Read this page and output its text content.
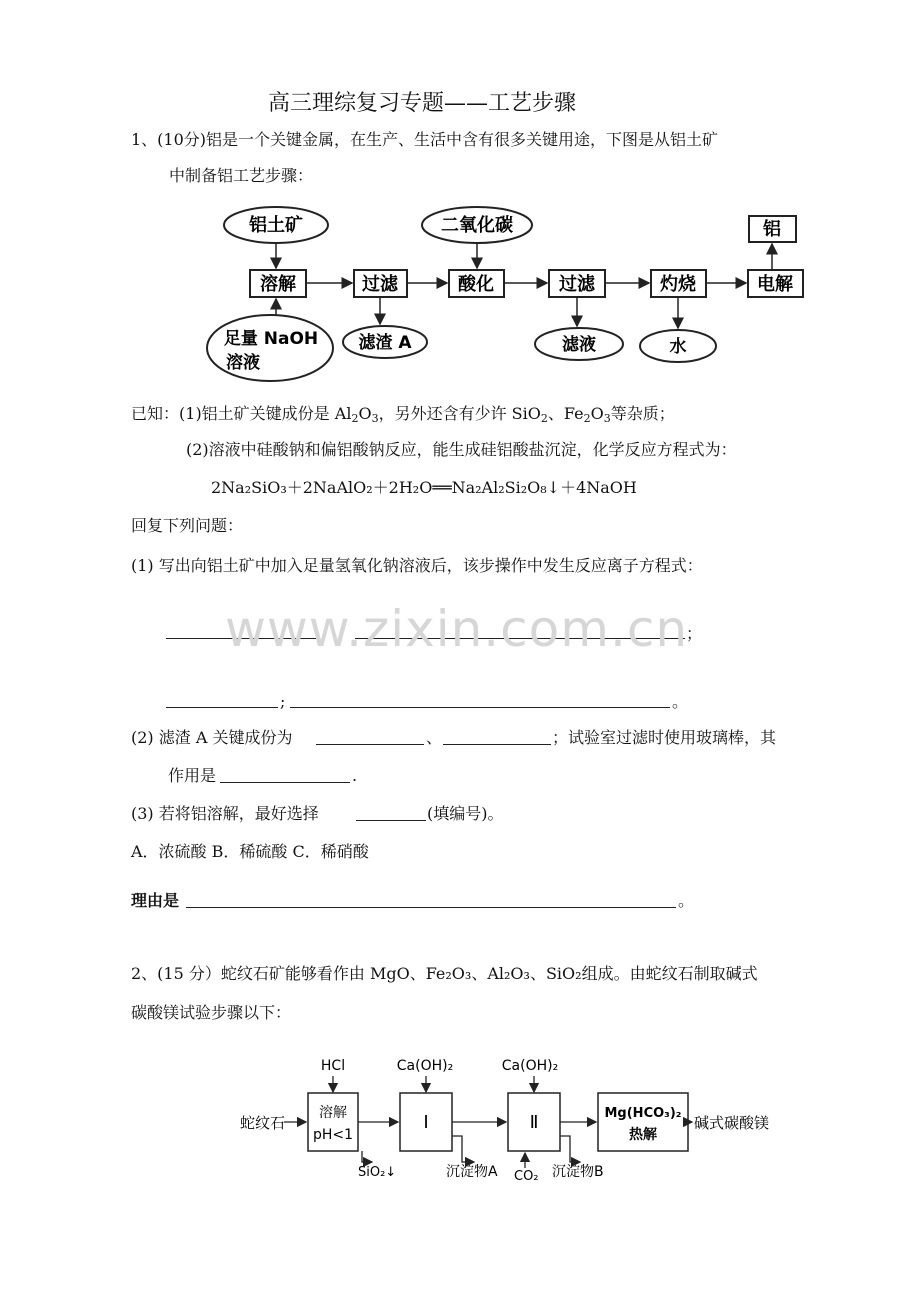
高三理综复习专题——工艺步骤
1、(10分)铝是一个关键金属，在生产、生活中含有很多关键用途，下图是从铝土矿
中制备铝工艺步骤：
铝土矿	二氧化碳	铝
溶解	过滤	酸化	过滤	灼烧	电解
足量 NaOH
溶液
滤渣 A	滤液	水
已知：(1)铝土矿关键成份是 $Al_2O_3$，另外还含有少许 SiO$_2$、$Fe_2O_3$等杂质；
(2)溶液中硅酸钠和偏铝酸钠反应，能生成硅铝酸盐沉淀，化学反应方程式为：
2Na₂SiO₃＋2NaAlO₂＋2H₂O══Na₂Al₂Si₂O₈↓＋4NaOH
回复下列问题：
(1) 写出向铝土矿中加入足量氢氧化钠溶液后，该步操作中发生反应离子方程式：
；
;	。
(2) 滤渣 A 关键成份为	、	；试验室过滤时使用玻璃棒，其
作用是	.
(3) 若将铝溶解，最好选择	(填编号)。
A．浓硫酸 B．稀硫酸 C．稀硝酸
理由是	。
2、(15 分）蛇纹石矿能够看作由 MgO、Fe₂O₃、Al₂O₃、SiO₂组成。由蛇纹石制取碱式
碳酸镁试验步骤以下：
HCl	Ca(OH)₂	Ca(OH)₂
蛇纹石
溶解
pH<1
Ⅰ	Ⅱ	Mg(HCO₃)₂
热解
碱式碳酸镁
SiO₂↓	沉淀物A CO₂ 沉淀物B
www.zixin.com.cn
